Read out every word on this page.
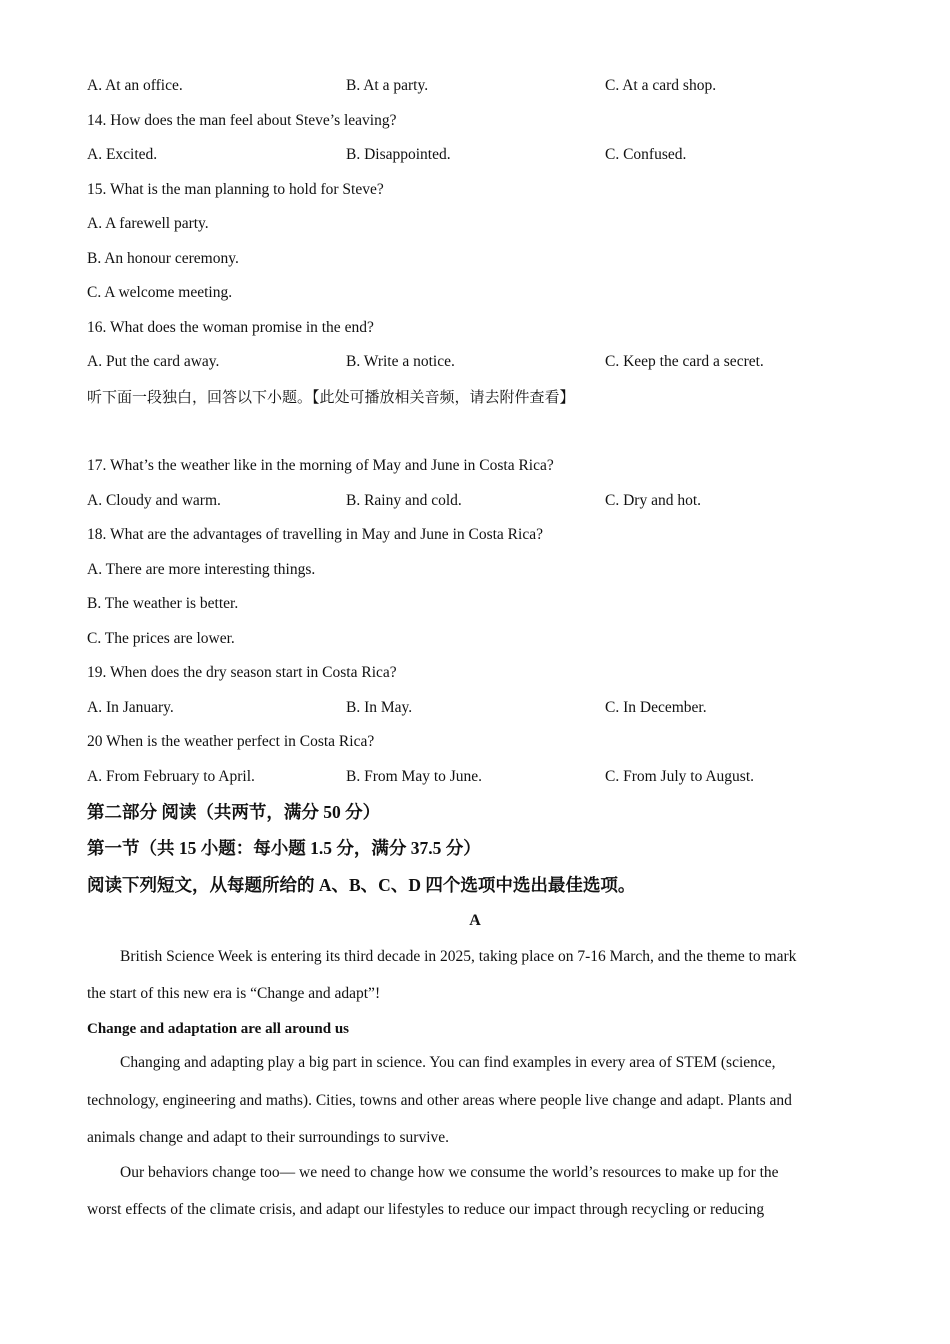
A. At an office.	B. At a party.	C. At a card shop.
14. How does the man feel about Steve’s leaving?
A. Excited.	B. Disappointed.	C. Confused.
15. What is the man planning to hold for Steve?
A. A farewell party.
B. An honour ceremony.
C. A welcome meeting.
16. What does the woman promise in the end?
A. Put the card away.	B. Write a notice.	C. Keep the card a secret.
听下面一段独白，回答以下小题。【此处可播放相关音频，请去附件查看】
17. What’s the weather like in the morning of May and June in Costa Rica?
A. Cloudy and warm.	B. Rainy and cold.	C. Dry and hot.
18. What are the advantages of travelling in May and June in Costa Rica?
A. There are more interesting things.
B. The weather is better.
C. The prices are lower.
19. When does the dry season start in Costa Rica?
A. In January.	B. In May.	C. In December.
20 When is the weather perfect in Costa Rica?
A. From February to April.	B. From May to June.	C. From July to August.
第二部分 阅读（共两节，满分 50 分）
第一节（共 15 小题：每小题 1.5 分，满分 37.5 分）
阅读下列短文，从每题所给的 A、B、C、D 四个选项中选出最佳选项。
A
British Science Week is entering its third decade in 2025, taking place on 7-16 March, and the theme to mark
the start of this new era is “Change and adapt”!
Change and adaptation are all around us
Changing and adapting play a big part in science. You can find examples in every area of STEM (science,
technology, engineering and maths). Cities, towns and other areas where people live change and adapt. Plants and
animals change and adapt to their surroundings to survive.
Our behaviors change too— we need to change how we consume the world’s resources to make up for the
worst effects of the climate crisis, and adapt our lifestyles to reduce our impact through recycling or reducing
